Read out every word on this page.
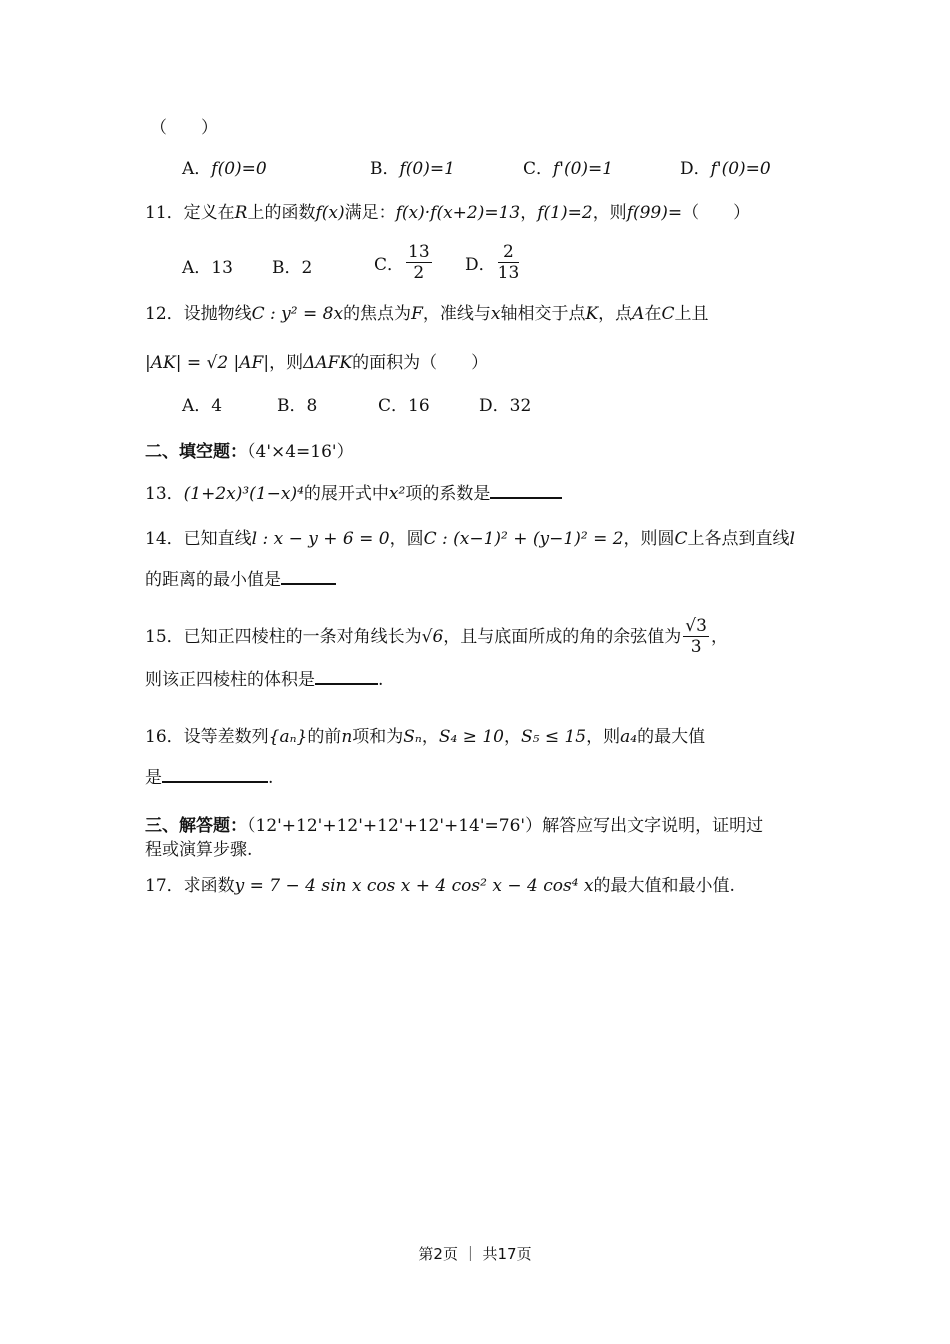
（　　）
A．f(0)=0	B．f(0)=1	C．f'(0)=1	D．f'(0)=0
11．定义在R上的函数f(x)满足：f(x)·f(x+2)=13，f(1)=2，则f(99)=（　　）
A．13 B．2	C． $\frac{13}{2}$ D． $\frac{2}{13}$
12．设抛物线C : y² = 8x的焦点为F，准线与x轴相交于点K，点A在C上且
|AK| = √2 |AF|，则ΔAFK的面积为（　　）
A．4	B．8	C．16	D．32
二、填空题：（4'×4=16'）
13．(1+2x)³(1−x)⁴的展开式中x²项的系数是
14．已知直线l : x − y + 6 = 0，圆C : (x−1)² + (y−1)² = 2，则圆C上各点到直线l
的距离的最小值是
15．已知正四棱柱的一条对角线长为√6，且与底面所成的角的余弦值为 $\frac{√3}{3}$ ，
则该正四棱柱的体积是	.
16．设等差数列{aₙ}的前n项和为Sₙ，S₄ ≥ 10，S₅ ≤ 15，则a₄的最大值
是	.
三、解答题：（12'+12'+12'+12'+12'+14'=76'）解答应写出文字说明，证明过
程或演算步骤.
17．求函数y = 7 − 4 sin x cos x + 4 cos² x − 4 cos⁴ x的最大值和最小值.
第2页 ｜ 共17页
